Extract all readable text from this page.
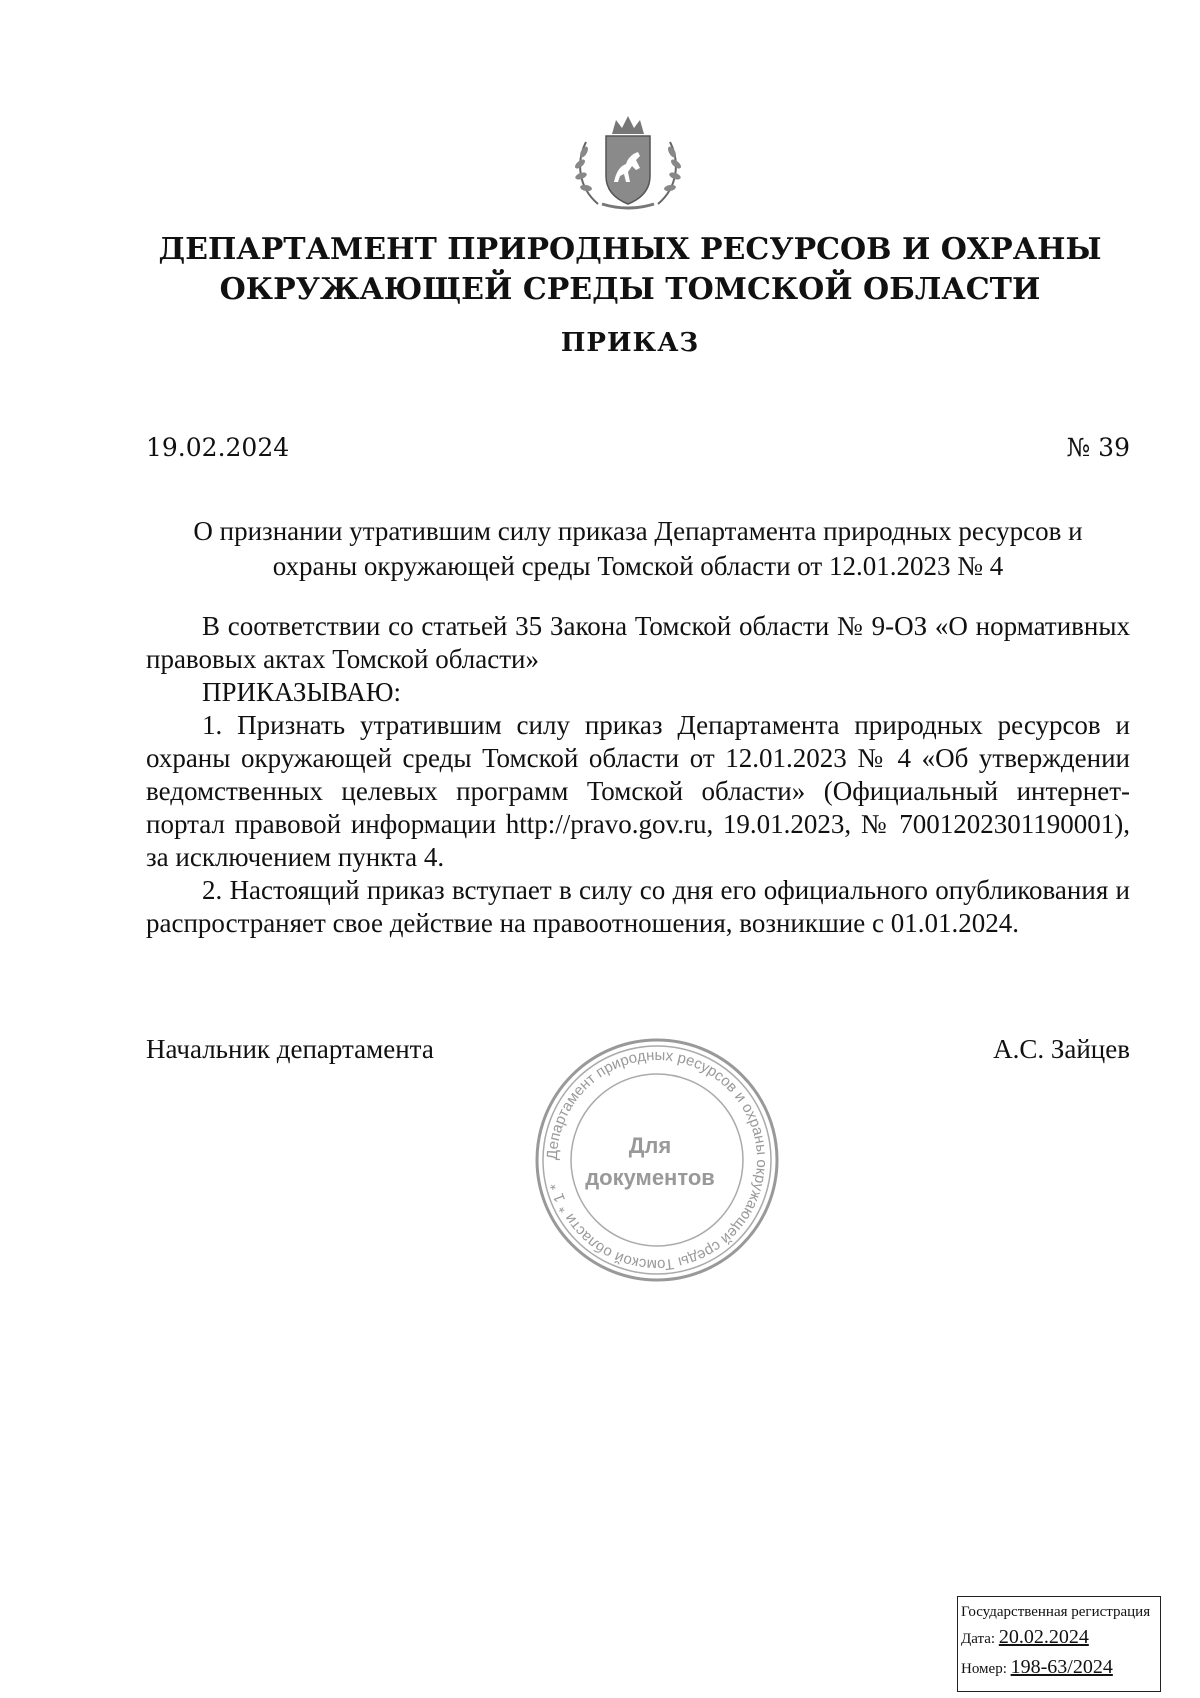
ДЕПАРТАМЕНТ ПРИРОДНЫХ РЕСУРСОВ И ОХРАНЫ
ОКРУЖАЮЩЕЙ СРЕДЫ ТОМСКОЙ ОБЛАСТИ
ПРИКАЗ
19.02.2024	№ 39
О признании утратившим силу приказа Департамента природных ресурсов и
охраны окружающей среды Томской области от 12.01.2023 № 4

В соответствии со статьей 35 Закона Томской области № 9-ОЗ «О нормативных правовых актах Томской области»

ПРИКАЗЫВАЮ:

1. Признать утратившим силу приказ Департамента природных ресурсов и охраны окружающей среды Томской области от 12.01.2023 № 4 «Об утверждении ведомственных целевых программ Томской области» (Официальный интернет-портал правовой информации http://pravo.gov.ru, 19.01.2023, № 7001202301190001), за исключением пункта 4.

2. Настоящий приказ вступает в силу со дня его официального опубликования и распространяет свое действие на правоотношения, возникшие с 01.01.2024.

Начальник департамента	А.С. Зайцев
Департамент природных ресурсов и охраны окружающей среды Томской области * 1 *
Для
документов
Государственная регистрация
Дата: 20.02.2024
Номер: 198-63/2024
